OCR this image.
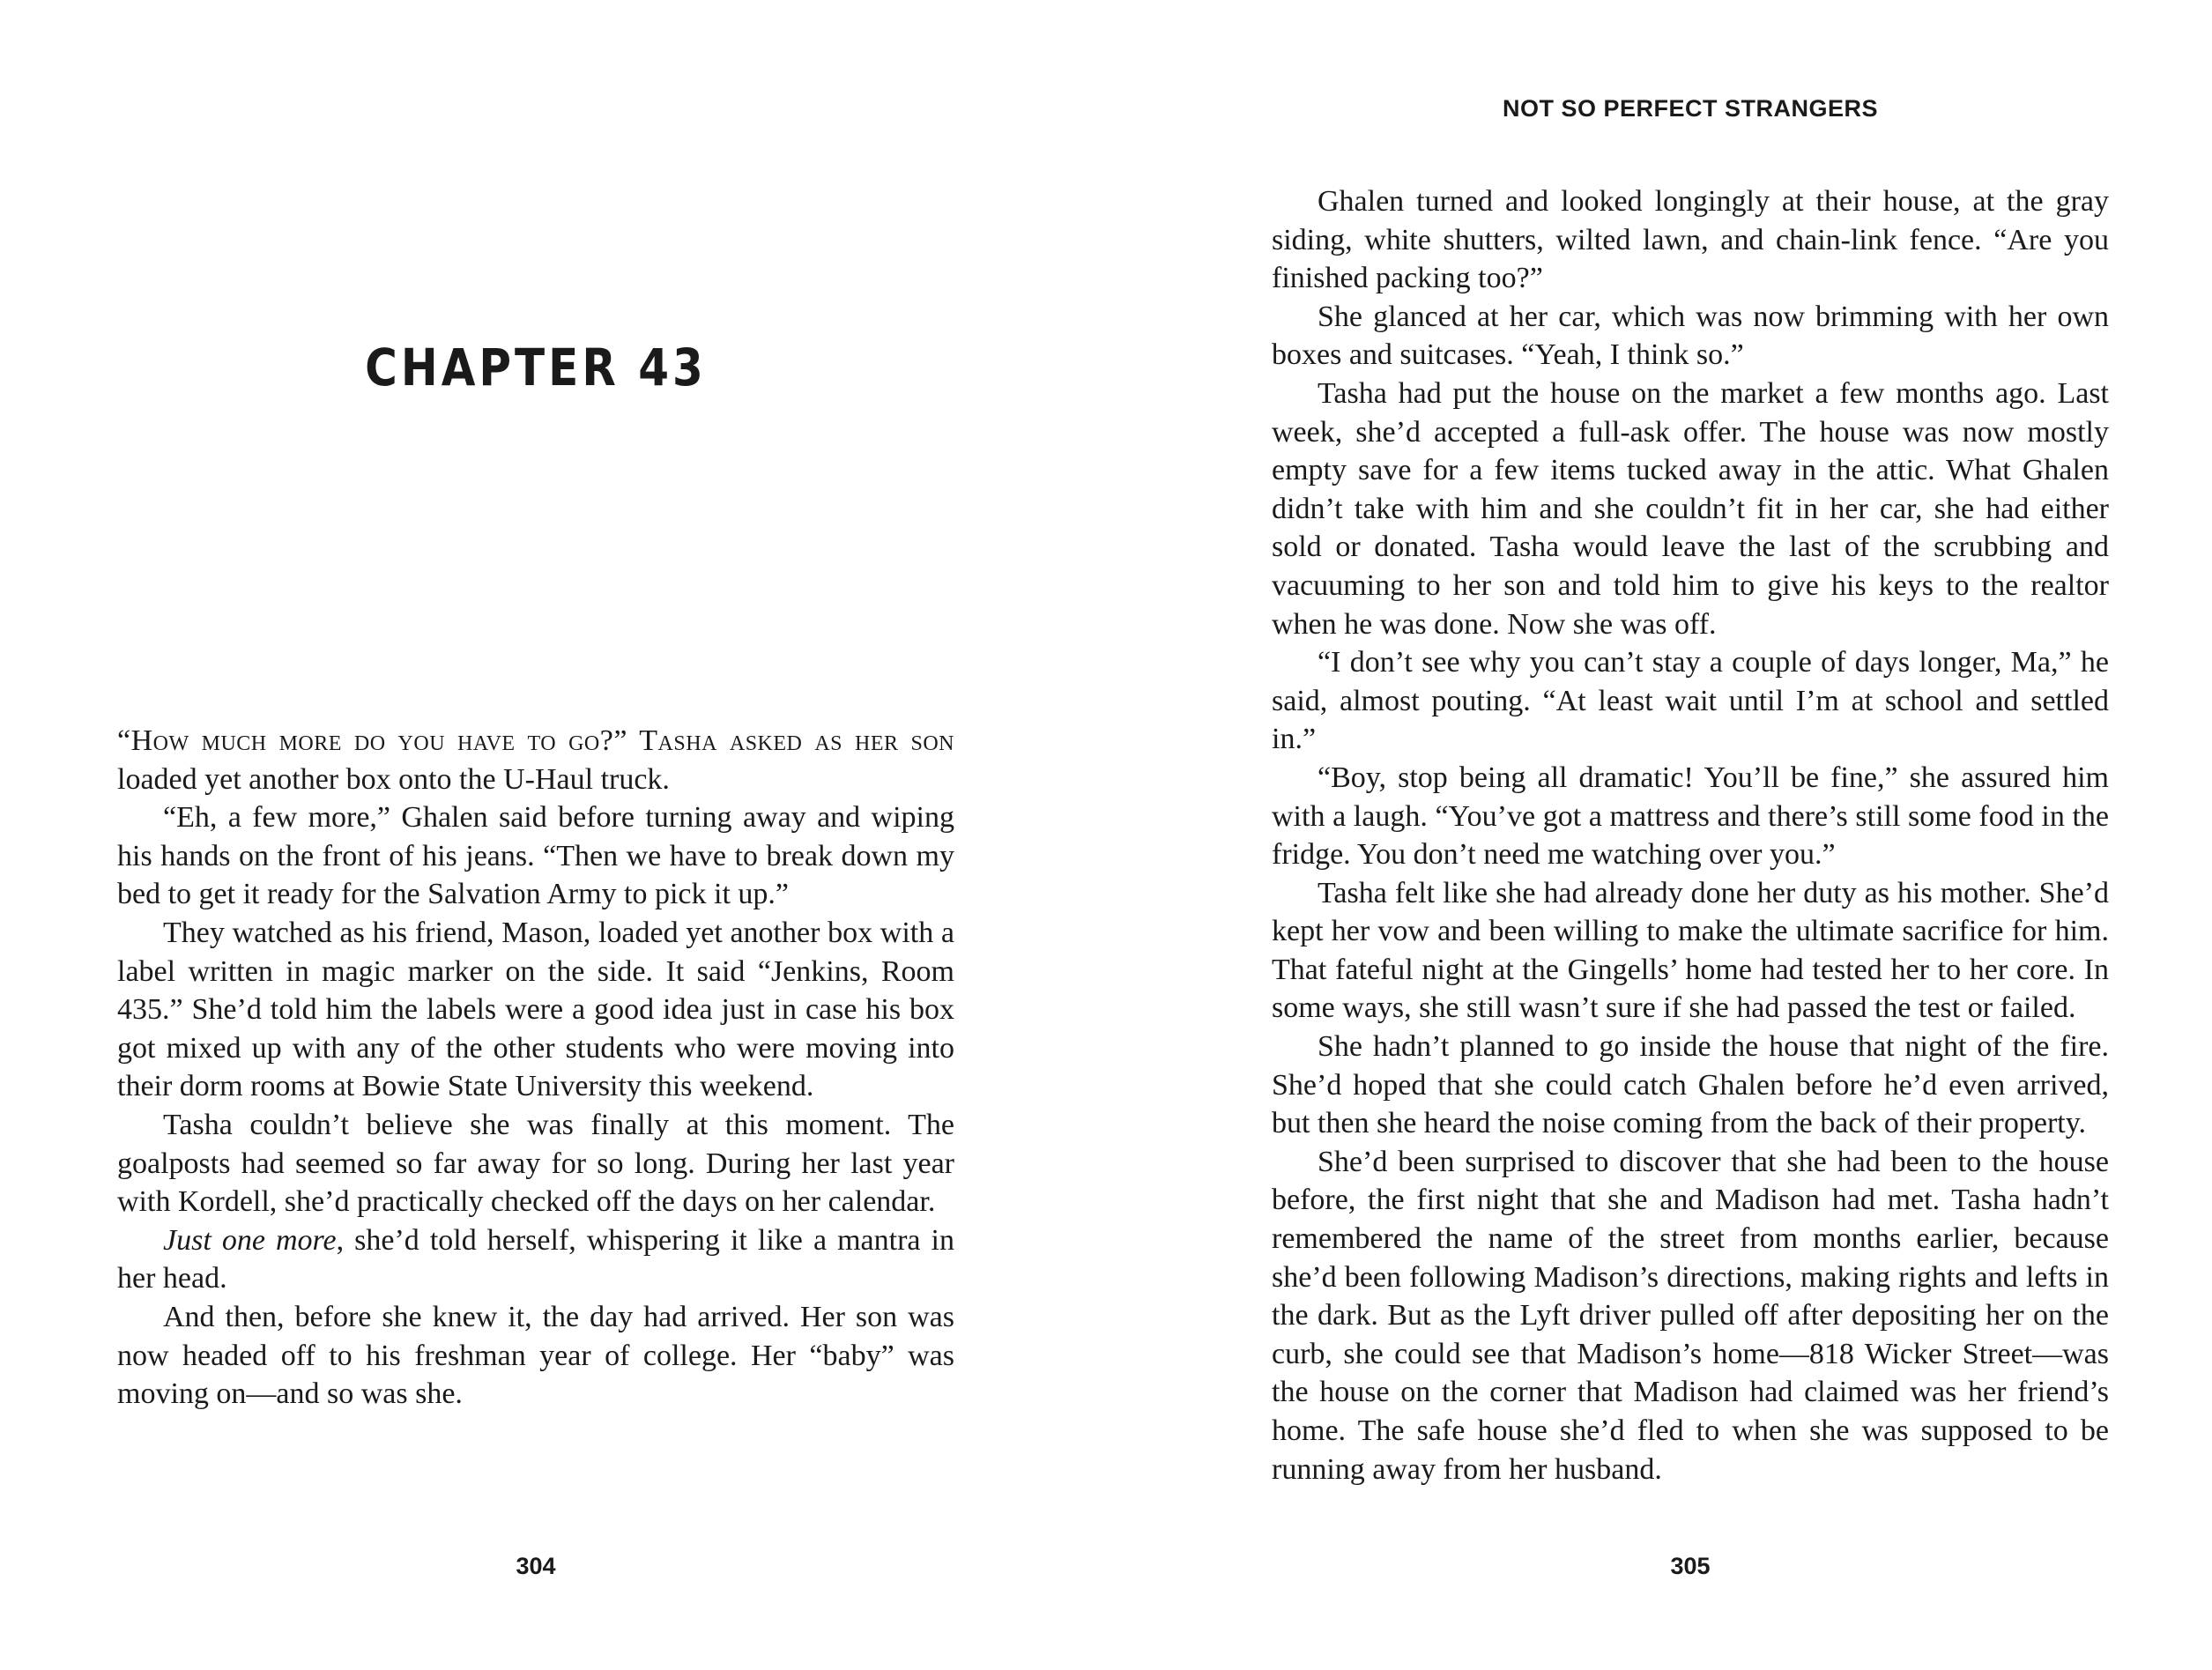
CHAPTER 43

“How much more do you have to go?” Tasha asked as her son loaded yet another box onto the U-Haul truck.

“Eh, a few more,” Ghalen said before turning away and wiping his hands on the front of his jeans. “Then we have to break down my bed to get it ready for the Salvation Army to pick it up.”

They watched as his friend, Mason, loaded yet another box with a label written in magic marker on the side. It said “Jenkins, Room 435.” She’d told him the labels were a good idea just in case his box got mixed up with any of the other students who were moving into their dorm rooms at Bowie State University this weekend.

Tasha couldn’t believe she was finally at this moment. The goalposts had seemed so far away for so long. During her last year with Kordell, she’d practically checked off the days on her calendar.

Just one more, she’d told herself, whispering it like a mantra in her head.

And then, before she knew it, the day had arrived. Her son was now headed off to his freshman year of college. Her “baby” was moving on—and so was she.

304
NOT SO PERFECT STRANGERS

Ghalen turned and looked longingly at their house, at the gray siding, white shutters, wilted lawn, and chain-link fence. “Are you finished packing too?”

She glanced at her car, which was now brimming with her own boxes and suitcases. “Yeah, I think so.”

Tasha had put the house on the market a few months ago. Last week, she’d accepted a full-ask offer. The house was now mostly empty save for a few items tucked away in the attic. What Ghalen didn’t take with him and she couldn’t fit in her car, she had either sold or donated. Tasha would leave the last of the scrubbing and vacuuming to her son and told him to give his keys to the realtor when he was done. Now she was off.

“I don’t see why you can’t stay a couple of days longer, Ma,” he said, almost pouting. “At least wait until I’m at school and settled in.”

“Boy, stop being all dramatic! You’ll be fine,” she assured him with a laugh. “You’ve got a mattress and there’s still some food in the fridge. You don’t need me watching over you.”

Tasha felt like she had already done her duty as his mother. She’d kept her vow and been willing to make the ultimate sacrifice for him. That fateful night at the Gingells’ home had tested her to her core. In some ways, she still wasn’t sure if she had passed the test or failed.

She hadn’t planned to go inside the house that night of the fire. She’d hoped that she could catch Ghalen before he’d even arrived, but then she heard the noise coming from the back of their property.

She’d been surprised to discover that she had been to the house before, the first night that she and Madison had met. Tasha hadn’t remembered the name of the street from months earlier, because she’d been following Madison’s directions, making rights and lefts in the dark. But as the Lyft driver pulled off after depositing her on the curb, she could see that Madison’s home—818 Wicker Street—was the house on the corner that Madison had claimed was her friend’s home. The safe house she’d fled to when she was supposed to be running away from her husband.

305
